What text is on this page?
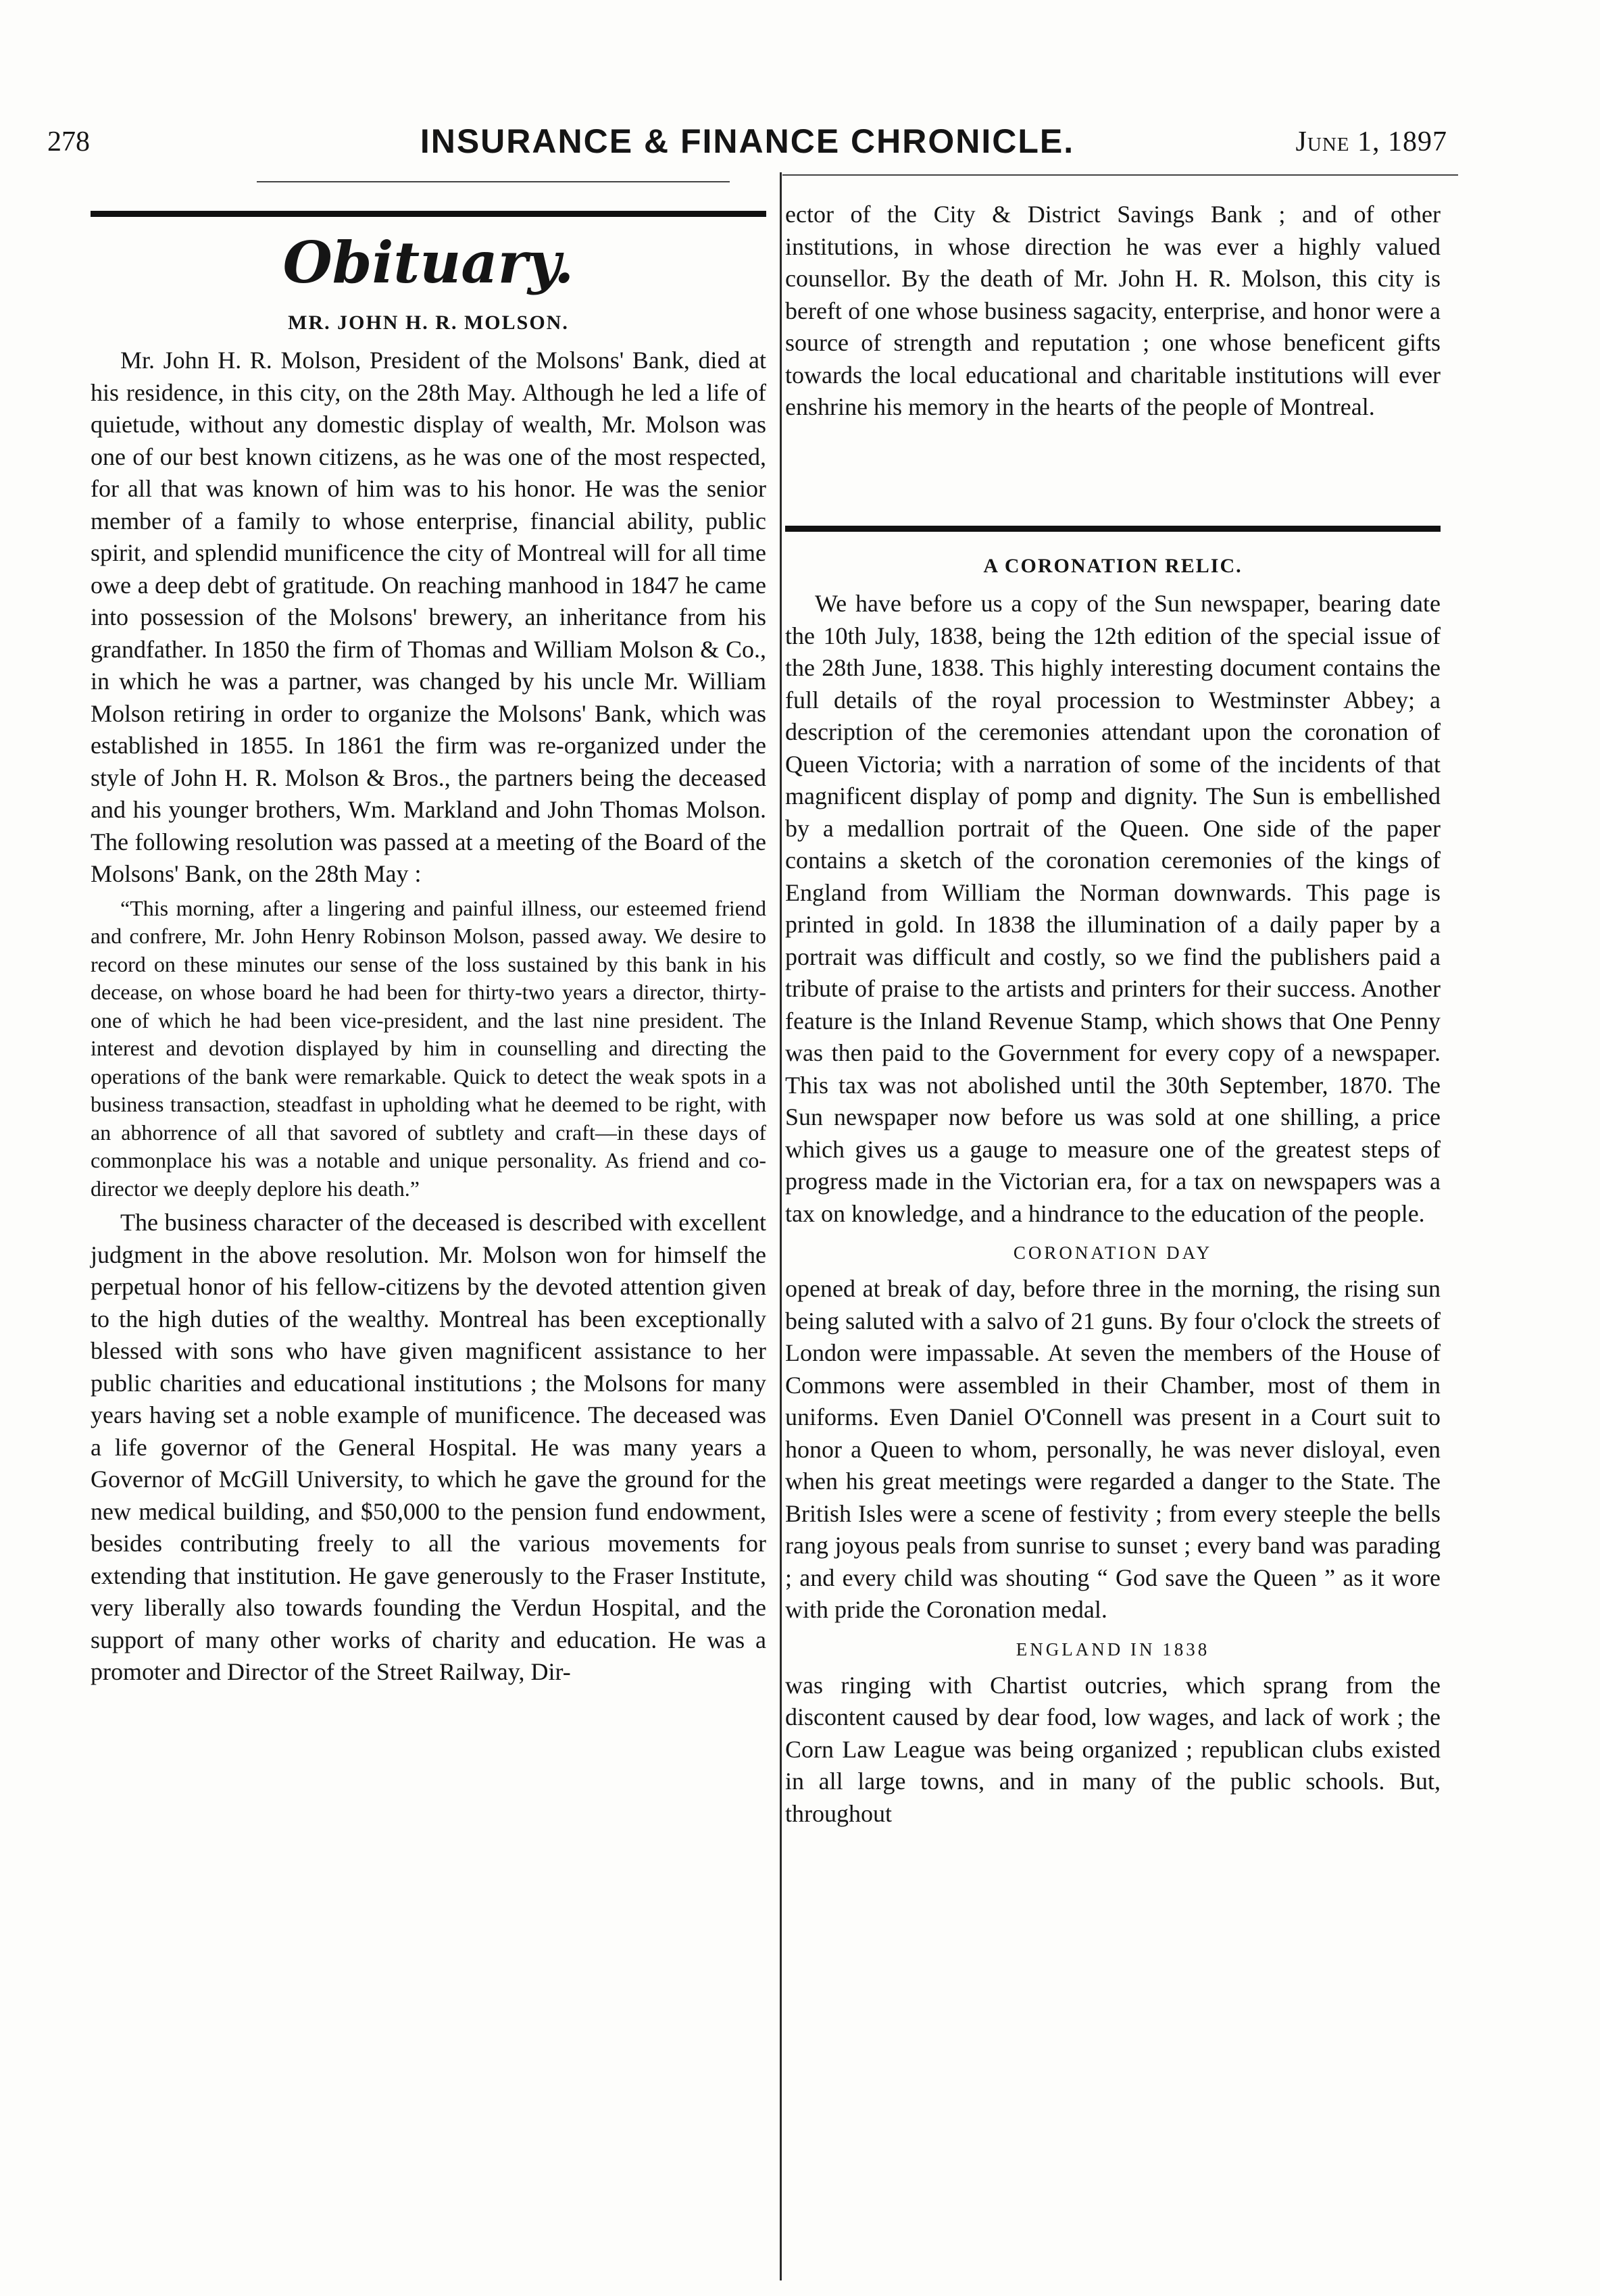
278	INSURANCE & FINANCE CHRONICLE.	June 1, 1897
Obituary.
MR. JOHN H. R. MOLSON.

Mr. John H. R. Molson, President of the Molsons' Bank, died at his residence, in this city, on the 28th May. Although he led a life of quietude, without any domestic display of wealth, Mr. Molson was one of our best known citizens, as he was one of the most respected, for all that was known of him was to his honor. He was the senior member of a family to whose enterprise, financial ability, public spirit, and splendid munificence the city of Montreal will for all time owe a deep debt of gratitude. On reaching manhood in 1847 he came into possession of the Molsons' brewery, an inheritance from his grandfather. In 1850 the firm of Thomas and William Molson & Co., in which he was a partner, was changed by his uncle Mr. William Molson retiring in order to organize the Molsons' Bank, which was established in 1855. In 1861 the firm was re-organized under the style of John H. R. Molson & Bros., the partners being the deceased and his younger brothers, Wm. Markland and John Thomas Molson. The following resolution was passed at a meeting of the Board of the Molsons' Bank, on the 28th May :

“This morning, after a lingering and painful illness, our esteemed friend and confrere, Mr. John Henry Robinson Molson, passed away. We desire to record on these minutes our sense of the loss sustained by this bank in his decease, on whose board he had been for thirty-two years a director, thirty-one of which he had been vice-president, and the last nine president. The interest and devotion displayed by him in counselling and directing the operations of the bank were remarkable. Quick to detect the weak spots in a business transaction, steadfast in upholding what he deemed to be right, with an abhorrence of all that savored of subtlety and craft—in these days of commonplace his was a notable and unique personality. As friend and co-director we deeply deplore his death.”

The business character of the deceased is described with excellent judgment in the above resolution. Mr. Molson won for himself the perpetual honor of his fellow-citizens by the devoted attention given to the high duties of the wealthy. Montreal has been exceptionally blessed with sons who have given magnificent assistance to her public charities and educational institutions ; the Molsons for many years having set a noble example of munificence. The deceased was a life governor of the General Hospital. He was many years a Governor of McGill University, to which he gave the ground for the new medical building, and $50,000 to the pension fund endowment, besides contributing freely to all the various movements for extending that institution. He gave generously to the Fraser Institute, very liberally also towards founding the Verdun Hospital, and the support of many other works of charity and education. He was a promoter and Director of the Street Railway, Dir-

ector of the City & District Savings Bank ; and of other institutions, in whose direction he was ever a highly valued counsellor. By the death of Mr. John H. R. Molson, this city is bereft of one whose business sagacity, enterprise, and honor were a source of strength and reputation ; one whose beneficent gifts towards the local educational and charitable institutions will ever enshrine his memory in the hearts of the people of Montreal.

A CORONATION RELIC.

We have before us a copy of the Sun newspaper, bearing date the 10th July, 1838, being the 12th edition of the special issue of the 28th June, 1838. This highly interesting document contains the full details of the royal procession to Westminster Abbey; a description of the ceremonies attendant upon the coronation of Queen Victoria; with a narration of some of the incidents of that magnificent display of pomp and dignity. The Sun is embellished by a medallion portrait of the Queen. One side of the paper contains a sketch of the coronation ceremonies of the kings of England from William the Norman downwards. This page is printed in gold. In 1838 the illumination of a daily paper by a portrait was difficult and costly, so we find the publishers paid a tribute of praise to the artists and printers for their success. Another feature is the Inland Revenue Stamp, which shows that One Penny was then paid to the Government for every copy of a newspaper. This tax was not abolished until the 30th September, 1870. The Sun newspaper now before us was sold at one shilling, a price which gives us a gauge to measure one of the greatest steps of progress made in the Victorian era, for a tax on newspapers was a tax on knowledge, and a hindrance to the education of the people.

CORONATION DAY

opened at break of day, before three in the morning, the rising sun being saluted with a salvo of 21 guns. By four o'clock the streets of London were impassable. At seven the members of the House of Commons were assembled in their Chamber, most of them in uniforms. Even Daniel O'Connell was present in a Court suit to honor a Queen to whom, personally, he was never disloyal, even when his great meetings were regarded a danger to the State. The British Isles were a scene of festivity ; from every steeple the bells rang joyous peals from sunrise to sunset ; every band was parading ; and every child was shouting “ God save the Queen ” as it wore with pride the Coronation medal.

ENGLAND IN 1838

was ringing with Chartist outcries, which sprang from the discontent caused by dear food, low wages, and lack of work ; the Corn Law League was being organized ; republican clubs existed in all large towns, and in many of the public schools. But, throughout
